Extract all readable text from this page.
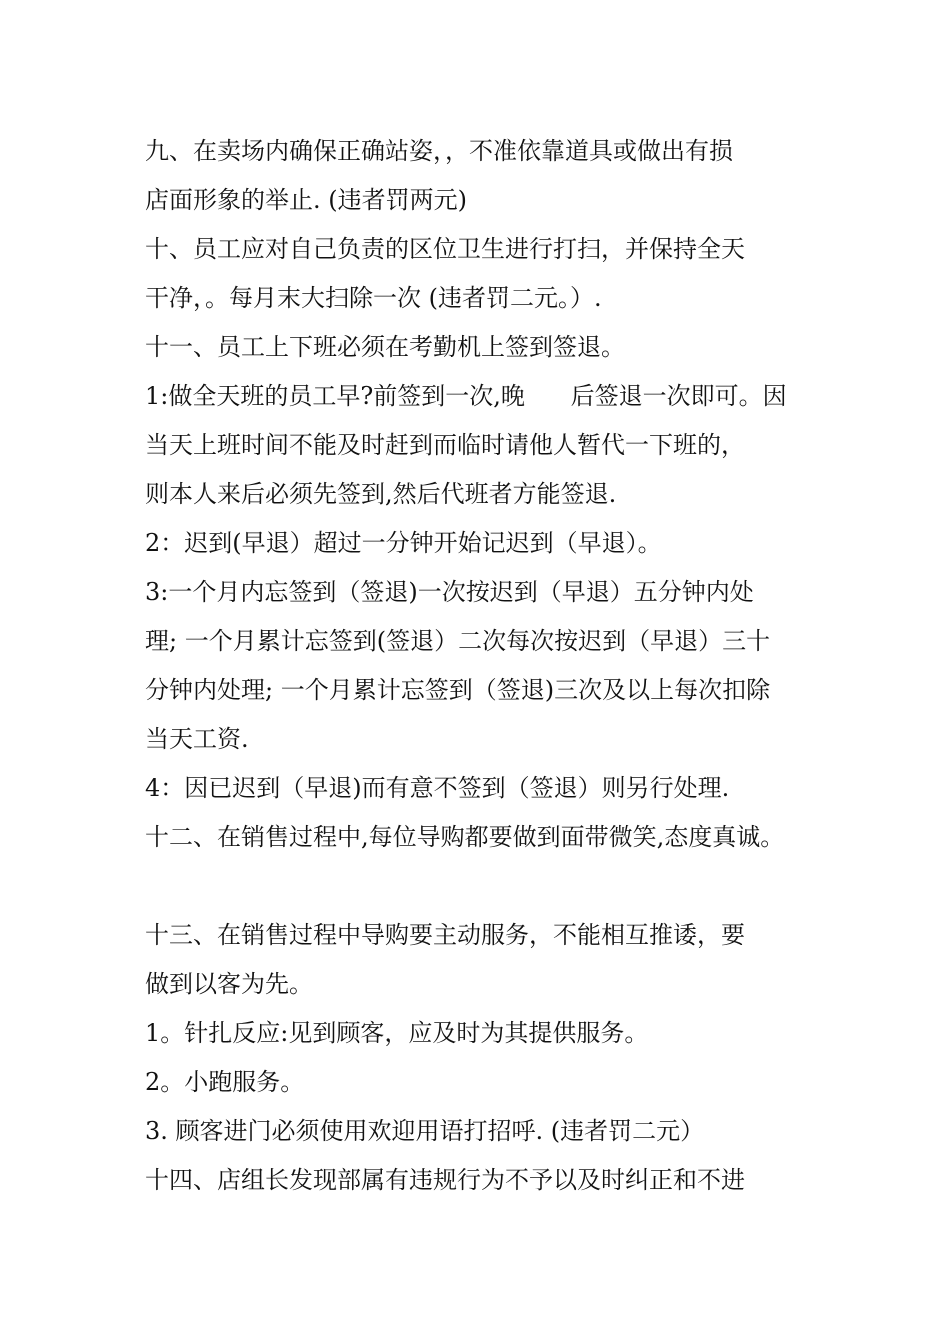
九、在卖场内确保正确站姿，，不准依靠道具或做出有损
店面形象的举止. (违者罚两元)
十、员工应对自己负责的区位卫生进行打扫，并保持全天
干净，。每月末大扫除一次 (违者罚二元。）.
十一、员工上下班必须在考勤机上签到签退。
1:做全天班的员工早?前签到一次,晚      后签退一次即可。因
当天上班时间不能及时赶到而临时请他人暂代一下班的，
则本人来后必须先签到,然后代班者方能签退.
2：迟到(早退）超过一分钟开始记迟到（早退）。
3:一个月内忘签到（签退)一次按迟到（早退）五分钟内处
理; 一个月累计忘签到(签退）二次每次按迟到（早退）三十
分钟内处理; 一个月累计忘签到（签退)三次及以上每次扣除
当天工资.
4：因已迟到（早退)而有意不签到（签退）则另行处理.
十二、在销售过程中,每位导购都要做到面带微笑,态度真诚。
十三、在销售过程中导购要主动服务，不能相互推诿，要
做到以客为先。
1。针扎反应:见到顾客，应及时为其提供服务。
2。小跑服务。
3. 顾客进门必须使用欢迎用语打招呼. (违者罚二元）
十四、店组长发现部属有违规行为不予以及时纠正和不进
